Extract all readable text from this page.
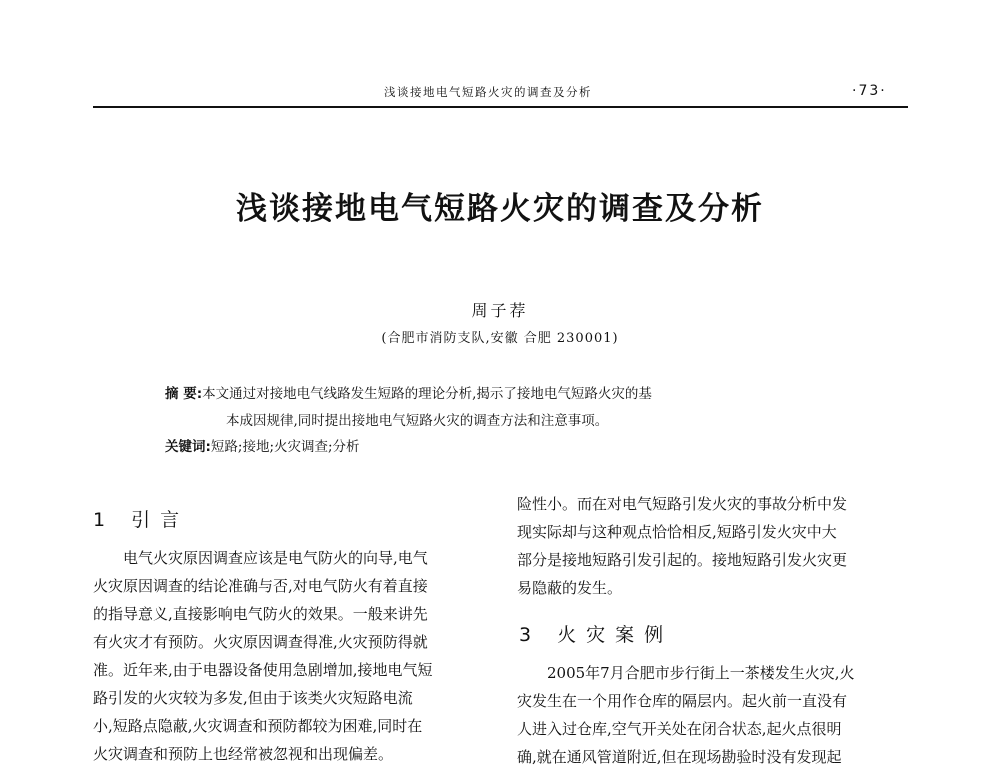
浅谈接地电气短路火灾的调查及分析	·73·
浅谈接地电气短路火灾的调查及分析
周子荐
(合肥市消防支队,安徽 合肥 230001)
摘 要:本文通过对接地电气线路发生短路的理论分析,揭示了接地电气短路火灾的基
本成因规律,同时提出接地电气短路火灾的调查方法和注意事项。
关键词:短路;接地;火灾调查;分析
1 引言
电气火灾原因调查应该是电气防火的向导,电气
火灾原因调查的结论准确与否,对电气防火有着直接
的指导意义,直接影响电气防火的效果。一般来讲先
有火灾才有预防。火灾原因调查得准,火灾预防得就
准。近年来,由于电器设备使用急剧增加,接地电气短
路引发的火灾较为多发,但由于该类火灾短路电流
小,短路点隐蔽,火灾调查和预防都较为困难,同时在
火灾调查和预防上也经常被忽视和出现偏差。
险性小。而在对电气短路引发火灾的事故分析中发
现实际却与这种观点恰恰相反,短路引发火灾中大
部分是接地短路引发引起的。接地短路引发火灾更
易隐蔽的发生。
3 火灾案例
2005年7月合肥市步行街上一茶楼发生火灾,火
灾发生在一个用作仓库的隔层内。起火前一直没有
人进入过仓库,空气开关处在闭合状态,起火点很明
确,就在通风管道附近,但在现场勘验时没有发现起
